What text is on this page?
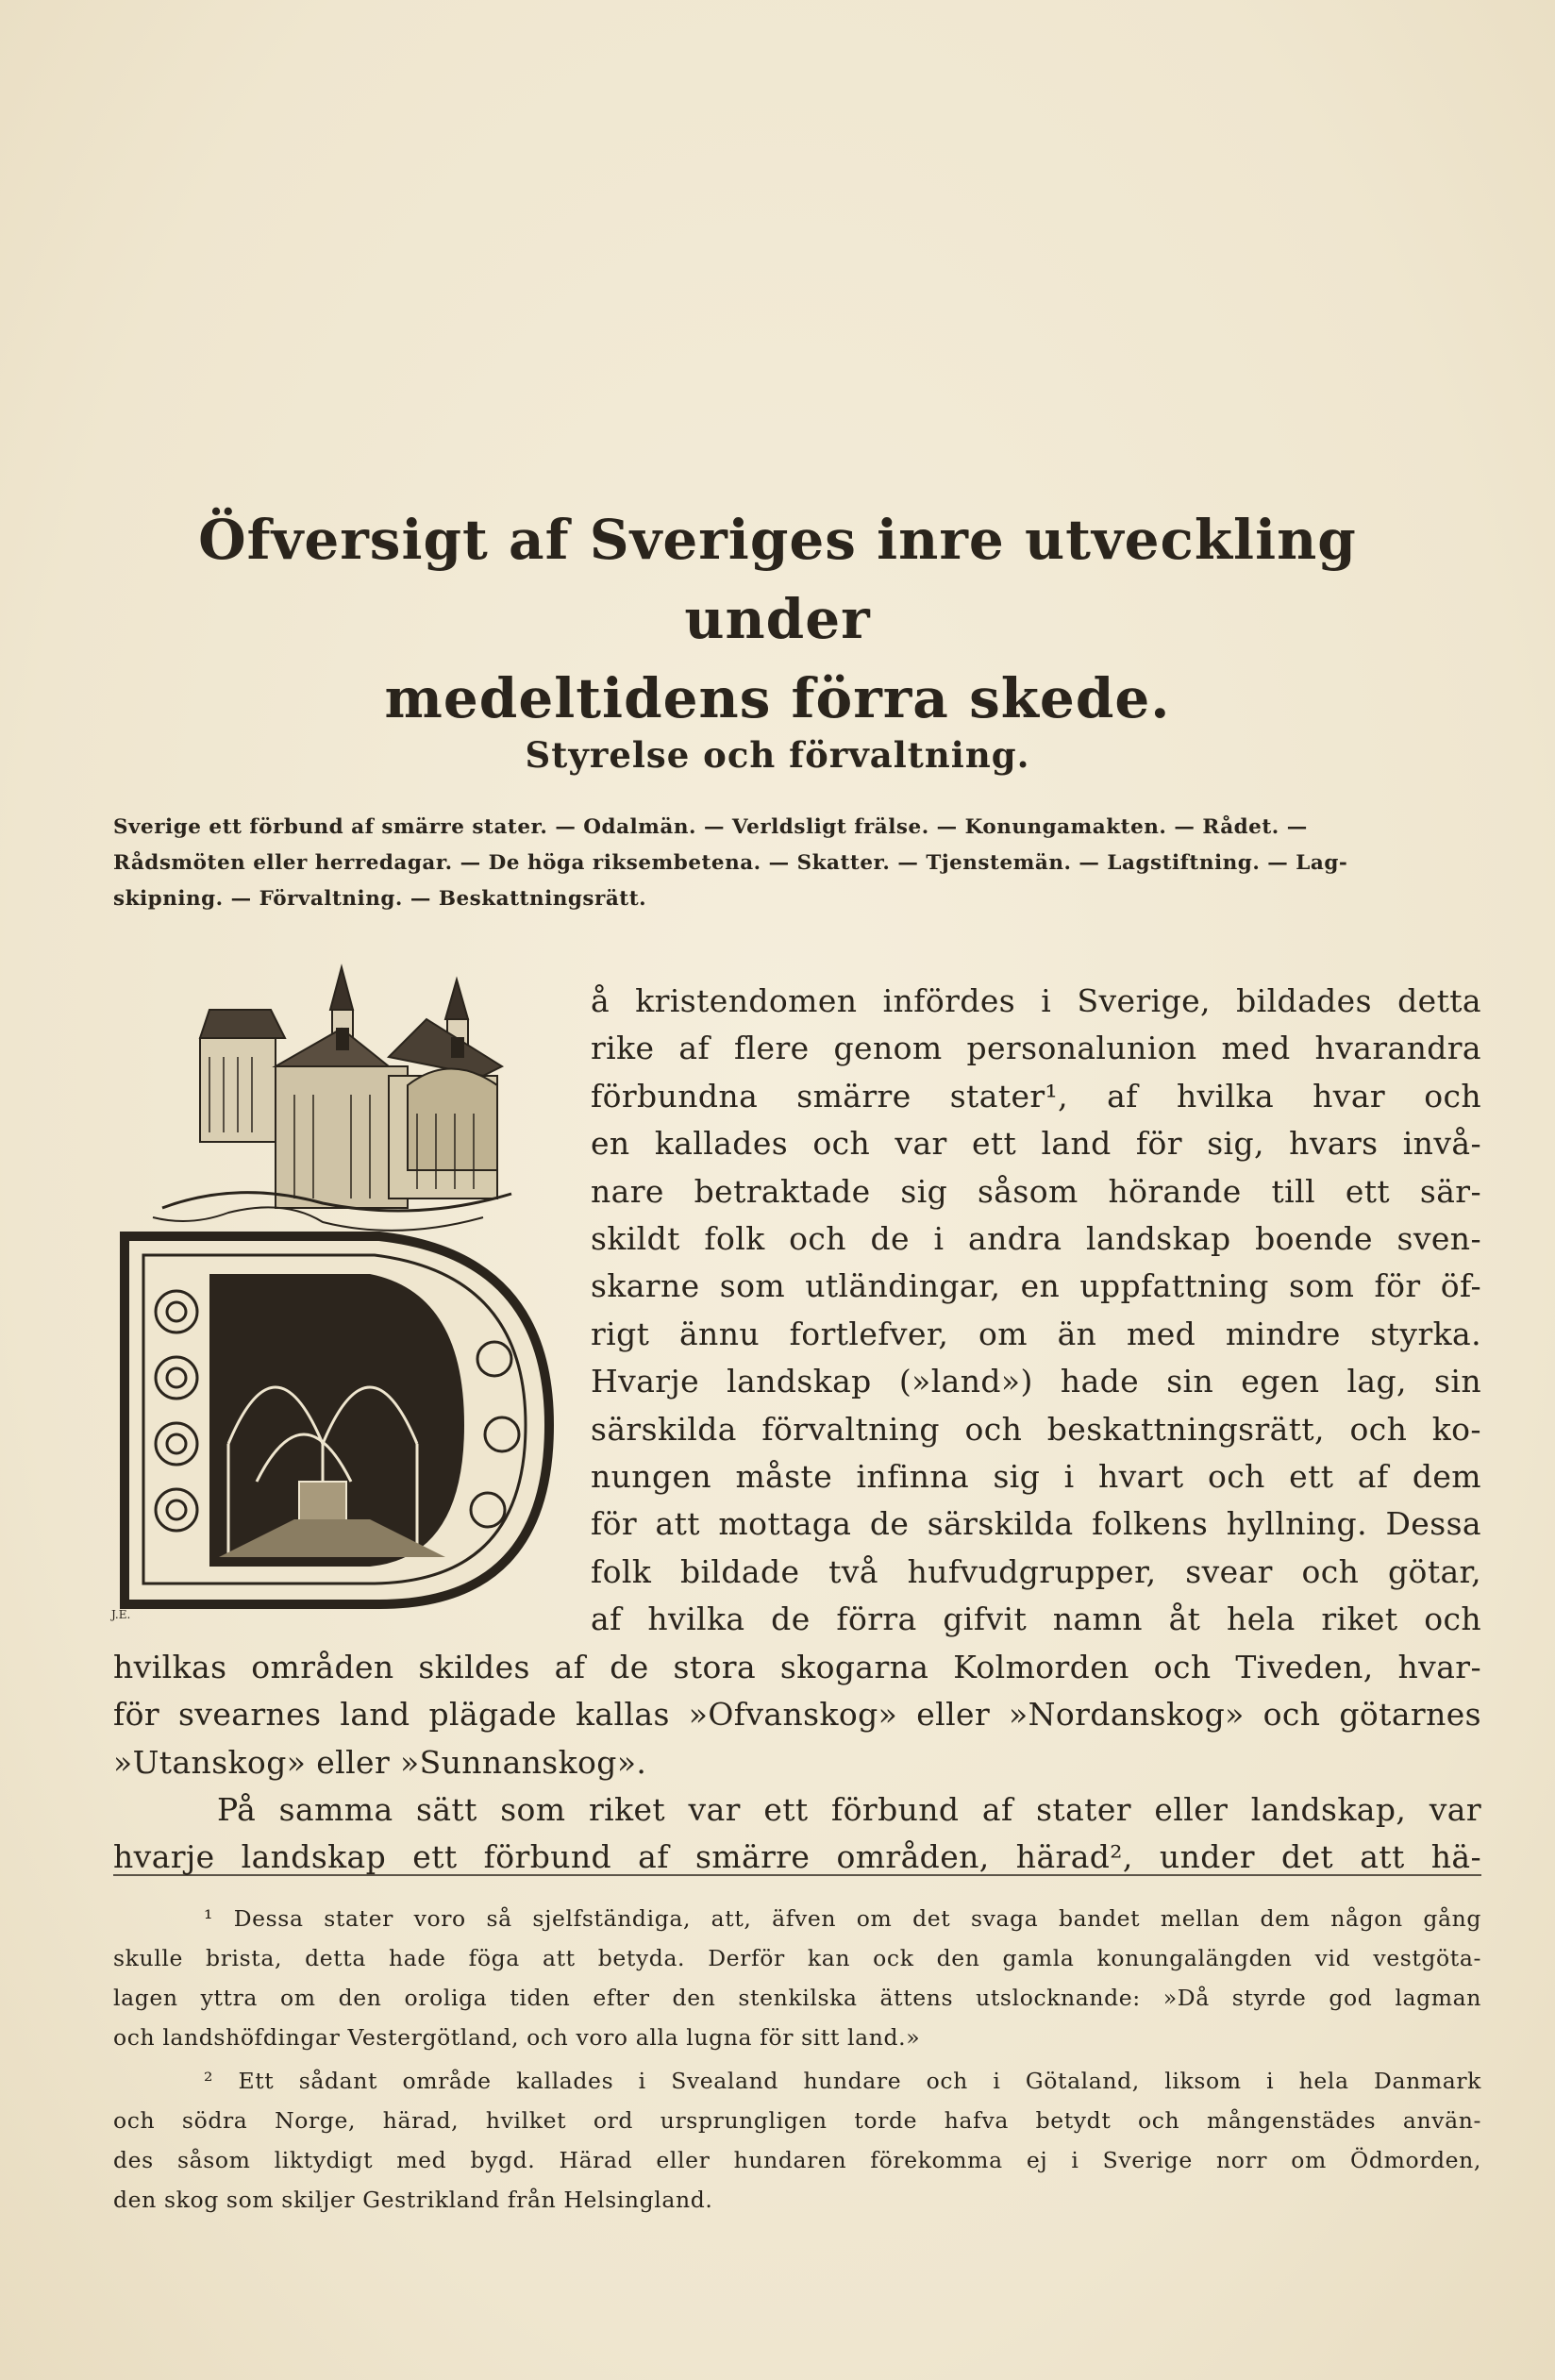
Öfversigt af Sveriges inre utveckling under
medeltidens förra skede.
Styrelse och förvaltning.
Sverige ett förbund af smärre stater. — Odalmän. — Verldsligt frälse. — Konungamakten. — Rådet. —
Rådsmöten eller herredagar. — De höga riksembetena. — Skatter. — Tjenstemän. — Lagstiftning. — Lag-
skipning. — Förvaltning. — Beskattningsrätt.
D
J.E.
å kristendomen infördes i Sverige, bildades detta
rike af flere genom personalunion med hvarandra
förbundna smärre stater¹, af hvilka hvar och
en kallades och var ett land för sig, hvars invå-
nare betraktade sig såsom hörande till ett sär-
skildt folk och de i andra landskap boende sven-
skarne som utländingar, en uppfattning som för öf-
rigt ännu fortlefver, om än med mindre styrka.
Hvarje landskap (»land») hade sin egen lag, sin
särskilda förvaltning och beskattningsrätt, och ko-
nungen måste infinna sig i hvart och ett af dem
för att mottaga de särskilda folkens hyllning. Dessa
folk bildade två hufvudgrupper, svear och götar,
af hvilka de förra gifvit namn åt hela riket och
hvilkas områden skildes af de stora skogarna Kolmorden och Tiveden, hvar-
för svearnes land plägade kallas »Ofvanskog» eller »Nordanskog» och götarnes
»Utanskog» eller »Sunnanskog».
På samma sätt som riket var ett förbund af stater eller landskap, var
hvarje landskap ett förbund af smärre områden, härad², under det att hä-
¹ Dessa stater voro så sjelfständiga, att, äfven om det svaga bandet mellan dem någon gång
skulle brista, detta hade föga att betyda. Derför kan ock den gamla konungalängden vid vestgöta-
lagen yttra om den oroliga tiden efter den stenkilska ättens utslocknande: »Då styrde god lagman
och landshöfdingar Vestergötland, och voro alla lugna för sitt land.»
² Ett sådant område kallades i Svealand hundare och i Götaland, liksom i hela Danmark
och södra Norge, härad, hvilket ord ursprungligen torde hafva betydt och mångenstädes använ-
des såsom liktydigt med bygd. Härad eller hundaren förekomma ej i Sverige norr om Ödmorden,
den skog som skiljer Gestrikland från Helsingland.
